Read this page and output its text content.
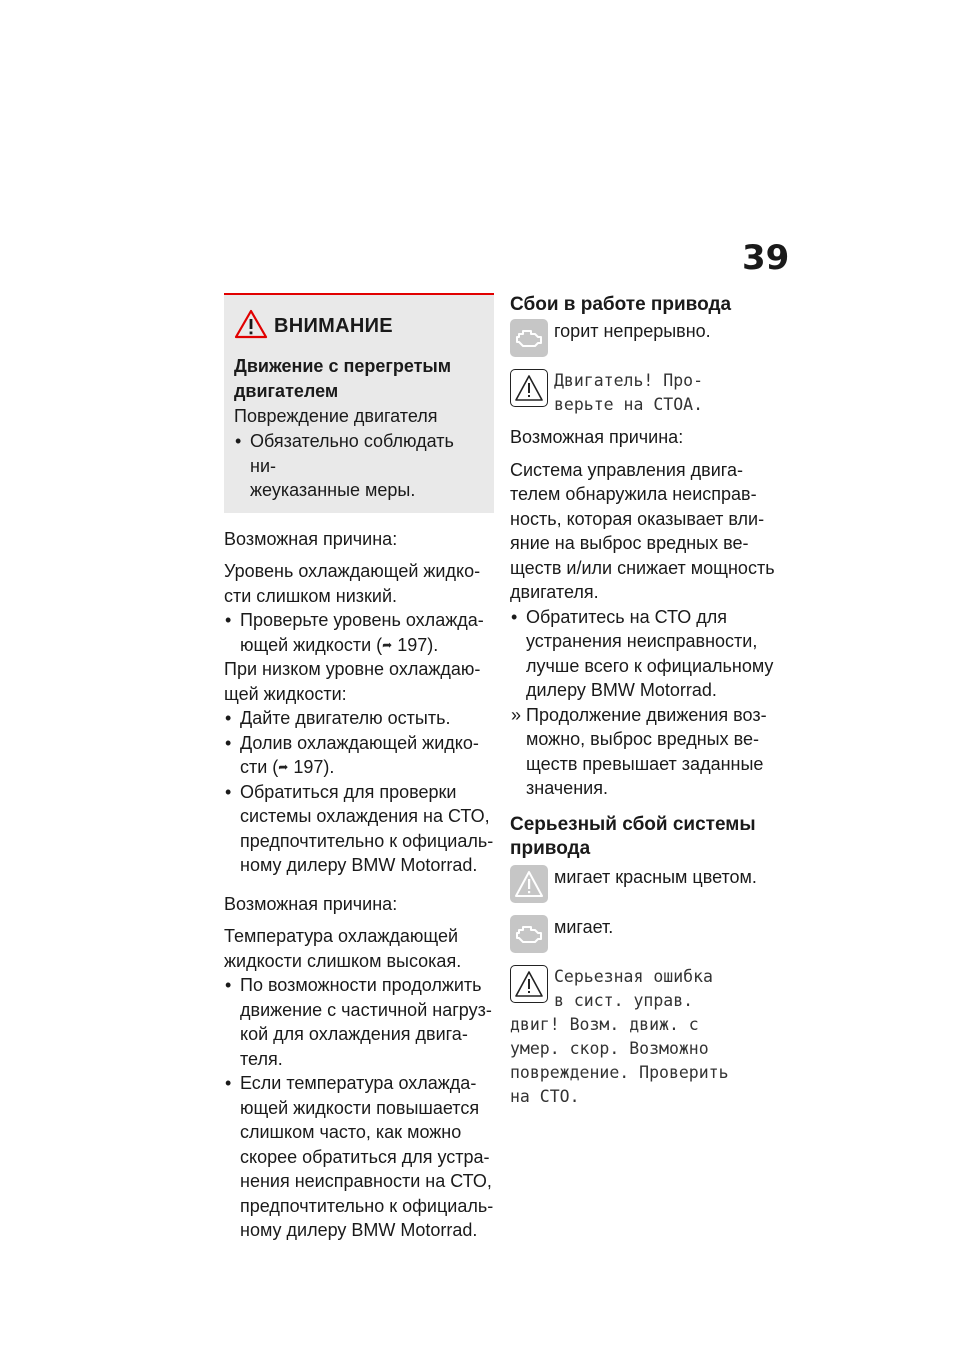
39
ВНИМАНИЕ
Движение с перегретым
двигателем
Повреждение двигателя
• Обязательно соблюдать ни-
жеуказанные меры.
Возможная причина:
Уровень охлаждающей жидко-
сти слишком низкий.
• Проверьте уровень охлажда-
ющей жидкости (➦ 197).
При низком уровне охлаждаю-
щей жидкости:
• Дайте двигателю остыть.
• Долив охлаждающей жидко-
сти (➦ 197).
• Обратиться для проверки
системы охлаждения на СТО,
предпочтительно к официаль-
ному дилеру BMW Motorrad.
Возможная причина:
Температура охлаждающей
жидкости слишком высокая.
• По возможности продолжить
движение с частичной нагруз-
кой для охлаждения двига-
теля.
• Если температура охлажда-
ющей жидкости повышается
слишком часто, как можно
скорее обратиться для устра-
нения неисправности на СТО,
предпочтительно к официаль-
ному дилеру BMW Motorrad.
Сбои в работе привода
горит непрерывно.
Двигатель! Про-
верьте на СТОА.
Возможная причина:
Система управления двига-
телем обнаружила неисправ-
ность, которая оказывает вли-
яние на выброс вредных ве-
ществ и/или снижает мощность
двигателя.
• Обратитесь на СТО для
устранения неисправности,
лучше всего к официальному
дилеру BMW Motorrad.
» Продолжение движения воз-
можно, выброс вредных ве-
ществ превышает заданные
значения.
Серьезный сбой системы
привода
мигает красным цветом.
мигает.
Серьезная ошибка
в сист. управ.
двиг! Возм. движ. с
умер. скор. Возможно
повреждение. Проверить
на СТО.
